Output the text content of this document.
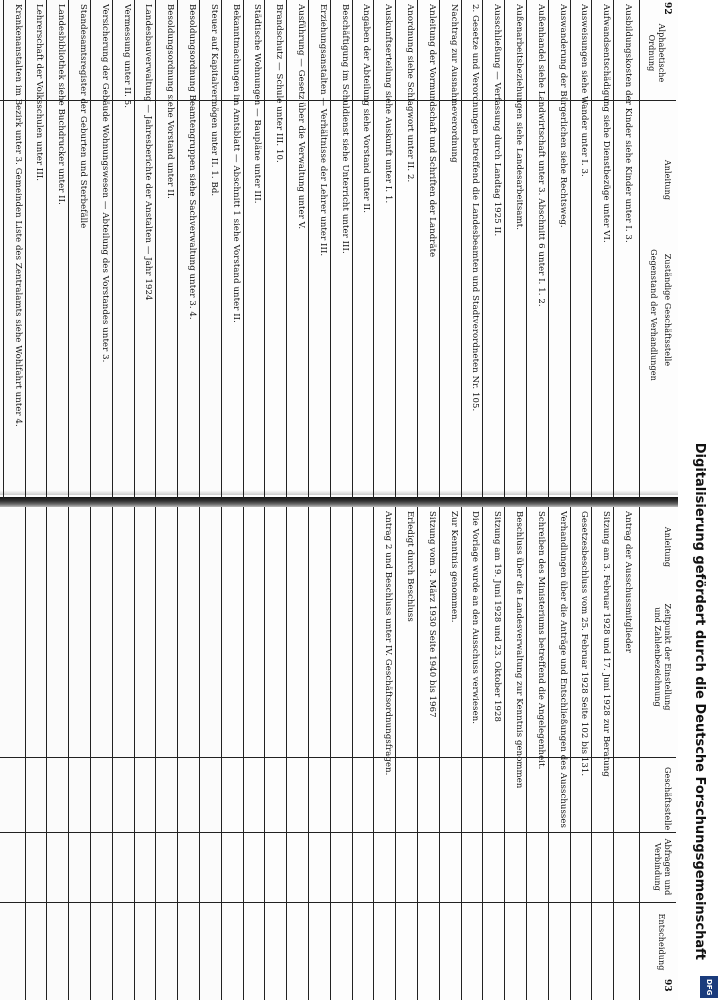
Digitalisierung gefördert durch die Deutsche Forschungsgemeinschaft
DFG
92
Alphabetische Ordnung
Anleitung
Zuständige Geschäftsstelle
Gegenstand der Verhandlungen
Ausbildungskosten der Kinder siehe Kinder unter I. 3.
Aufwandsentschädigung siehe Dienstbezüge unter VI.
Ausweisungen siehe Wander unter I. 3.
Auswanderung der Bürgerlichen siehe Rechtsweg.
Außenhandel siehe Landwirtschaft unter 3. Abschnitt 6 unter I. 1. 2.
Außenarbeitsbeziehungen siehe Landesarbeitsamt.
Ausschließung — Verfassung durch Landtag 1925 II.
2. Gesetze und Verordnungen betreffend die Landesbeamten und Stadtverordneten Nr. 105.
Nachtrag zur Ausnahmeverordnung
Anleitung der Vormundschaft und Schriften der Landräte
Anordnung siehe Schlagwort unter II. 2.
Auskunftserteilung siehe Auskunft unter I. 1.
Angaben der Abteilung siehe Vorstand unter II.
Beschäftigung im Schuldienst siehe Unterricht unter III.
Erziehungsanstalten — Verhältnisse der Lehrer unter III.
Ausführung — Gesetz über die Verwaltung unter V.
Brandschutz — Schule unter III. 10.
Städtische Wohnungen — Baupläne unter III.
Bekanntmachungen im Amtsblatt — Abschnitt 1 siehe Vorstand unter II.
Steuer auf Kapitalvermögen unter II. 1. Bd.
Besoldungsordnung Beamtengruppen siehe Sachverwaltung unter 3. 4.
Besoldungsordnung siehe Vorstand unter II.
Landesbauverwaltung — Jahresberichte der Anstalten — Jahr 1924
Vermessung unter II. 5.
Versicherung der Gebäude Wohnungswesen — Abteilung des Vorstandes unter 3.
Standesamtsregister der Geburten und Sterbefälle
Landesbibliothek siehe Buchdrucker unter II.
Lehrerschaft der Volksschulen unter III.
Krankenanstalten im Bezirk unter 3. Gemeinden Liste des Zentralamts siehe Wohlfahrt unter 4.
Zeitpunkt der Einstellung und Zahlenbezeichnung
Anleitung
Geschäftsstelle
Abfragen und Verbindung
Entscheidung
93
Antrag der Ausschussmitglieder
Sitzung am 3. Februar 1928 und 17. Juni 1928 zur Beratung
Gesetzesbeschluss vom 25. Februar 1928 Seite 102 bis 131.
Verhandlungen über die Anträge und Entschließungen des Ausschusses
Schreiben des Ministeriums betreffend die Angelegenheit.
Beschluss über die Landesverwaltung zur Kenntnis genommen
Sitzung am 19. Juni 1928 und 23. Oktober 1928
Die Vorlage wurde an den Ausschuss verwiesen.
Zur Kenntnis genommen.
Sitzung vom 3. März 1930 Seite 1940 bis 1967
Erledigt durch Beschluss
Antrag 2 und Beschluss unter IV. Geschäftsordnungsfragen.
